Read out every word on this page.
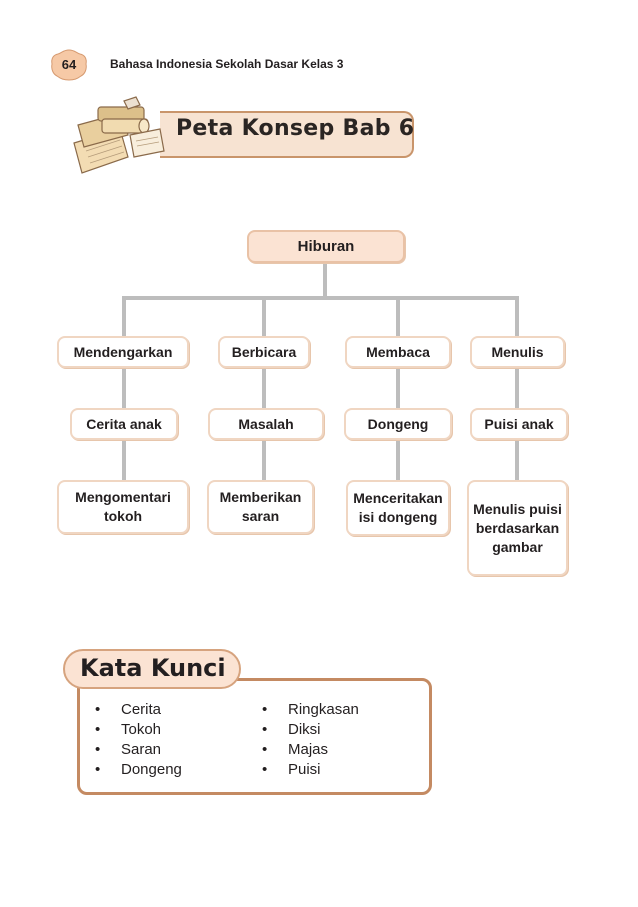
64	Bahasa Indonesia Sekolah Dasar Kelas 3
Peta Konsep Bab 6
Hiburan
Mendengarkan	Berbicara	Membaca	Menulis
Cerita anak	Masalah	Dongeng	Puisi anak
Mengomentari tokoh
Memberikan saran
Menceritakan isi dongeng
Menulis puisi berdasarkan gambar
Kata Kunci
• Cerita
• Tokoh
• Saran
• Dongeng
• Ringkasan
• Diksi
• Majas
• Puisi
